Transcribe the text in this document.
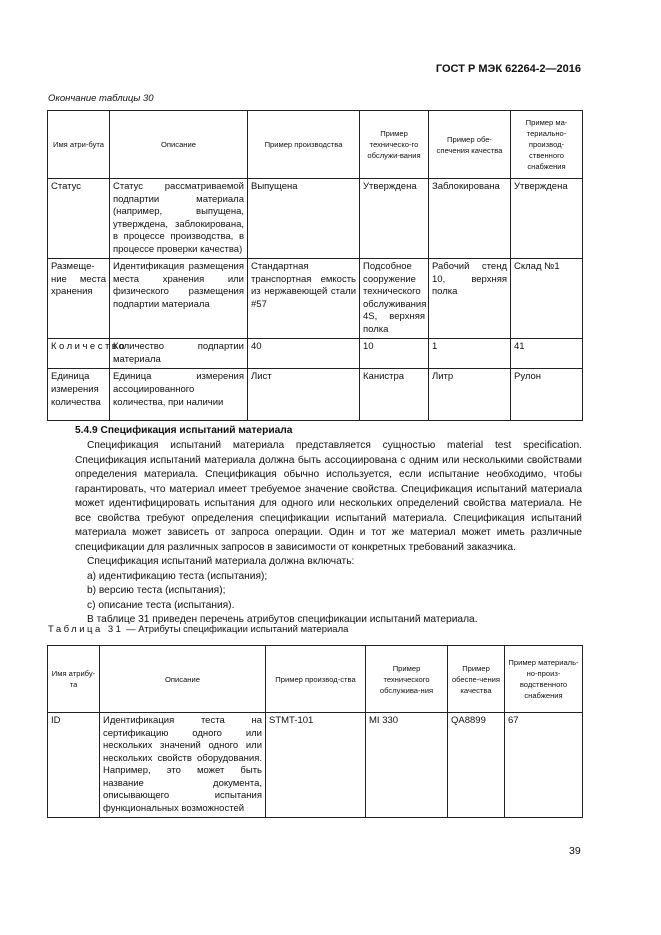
ГОСТ Р МЭК 62264-2—2016
Окончание таблицы 30
Имя атри-бута	Описание	Пример производства	Пример техническо-го обслужи-вания	Пример обе-спечения качества	Пример ма-териально-производ-ственного снабжения
Статус	Статус рассматриваемой подпартии материала (например, выпущена, утверждена, заблокирована, в процессе производства, в процессе проверки качества)	Выпущена	Утверждена	Заблокирована	Утверждена
Размеще-ние места хранения	Идентификация размещения места хранения или физического размещения подпартии материала	Стандартная транспортная емкость из нержавеющей стали #57	Подсобное сооружение технического обслуживания 4S, верхняя полка	Рабочий стенд 10, верхняя полка	Склад №1
Количество	Количество подпартии материала	40	10	1	41
Единица измерения количества	Единица измерения ассоциированного количества, при наличии	Лист	Канистра	Литр	Рулон
5.4.9 Спецификация испытаний материала

Спецификация испытаний материала представляется сущностью material test specification. Спецификация испытаний материала должна быть ассоциирована с одним или несколькими свойствами определения материала. Спецификация обычно используется, если испытание необходимо, чтобы гарантировать, что материал имеет требуемое значение свойства. Спецификация испытаний материала может идентифицировать испытания для одного или нескольких определений свойства материала. Не все свойства требуют определения спецификации испытаний материала. Спецификация испытаний материала может зависеть от запроса операции. Один и тот же материал может иметь различные спецификации для различных запросов в зависимости от конкретных требований заказчика.

Спецификация испытаний материала должна включать:

a) идентификацию теста (испытания);

b) версию теста (испытания);

c) описание теста (испытания).

В таблице 31 приведен перечень атрибутов спецификации испытаний материала.

Таблица 31 — Атрибуты спецификации испытаний материала
Имя атрибу-та	Описание	Пример производ-ства	Пример технического обслужива-ния	Пример обеспе-чения качества	Пример материаль-но-произ-водственного снабжения
ID	Идентификация теста на сертификацию одного или нескольких значений одного или нескольких свойств оборудования. Например, это может быть название документа, описывающего испытания функциональных возможностей	STMT-101	MI 330	QA8899	67
39
